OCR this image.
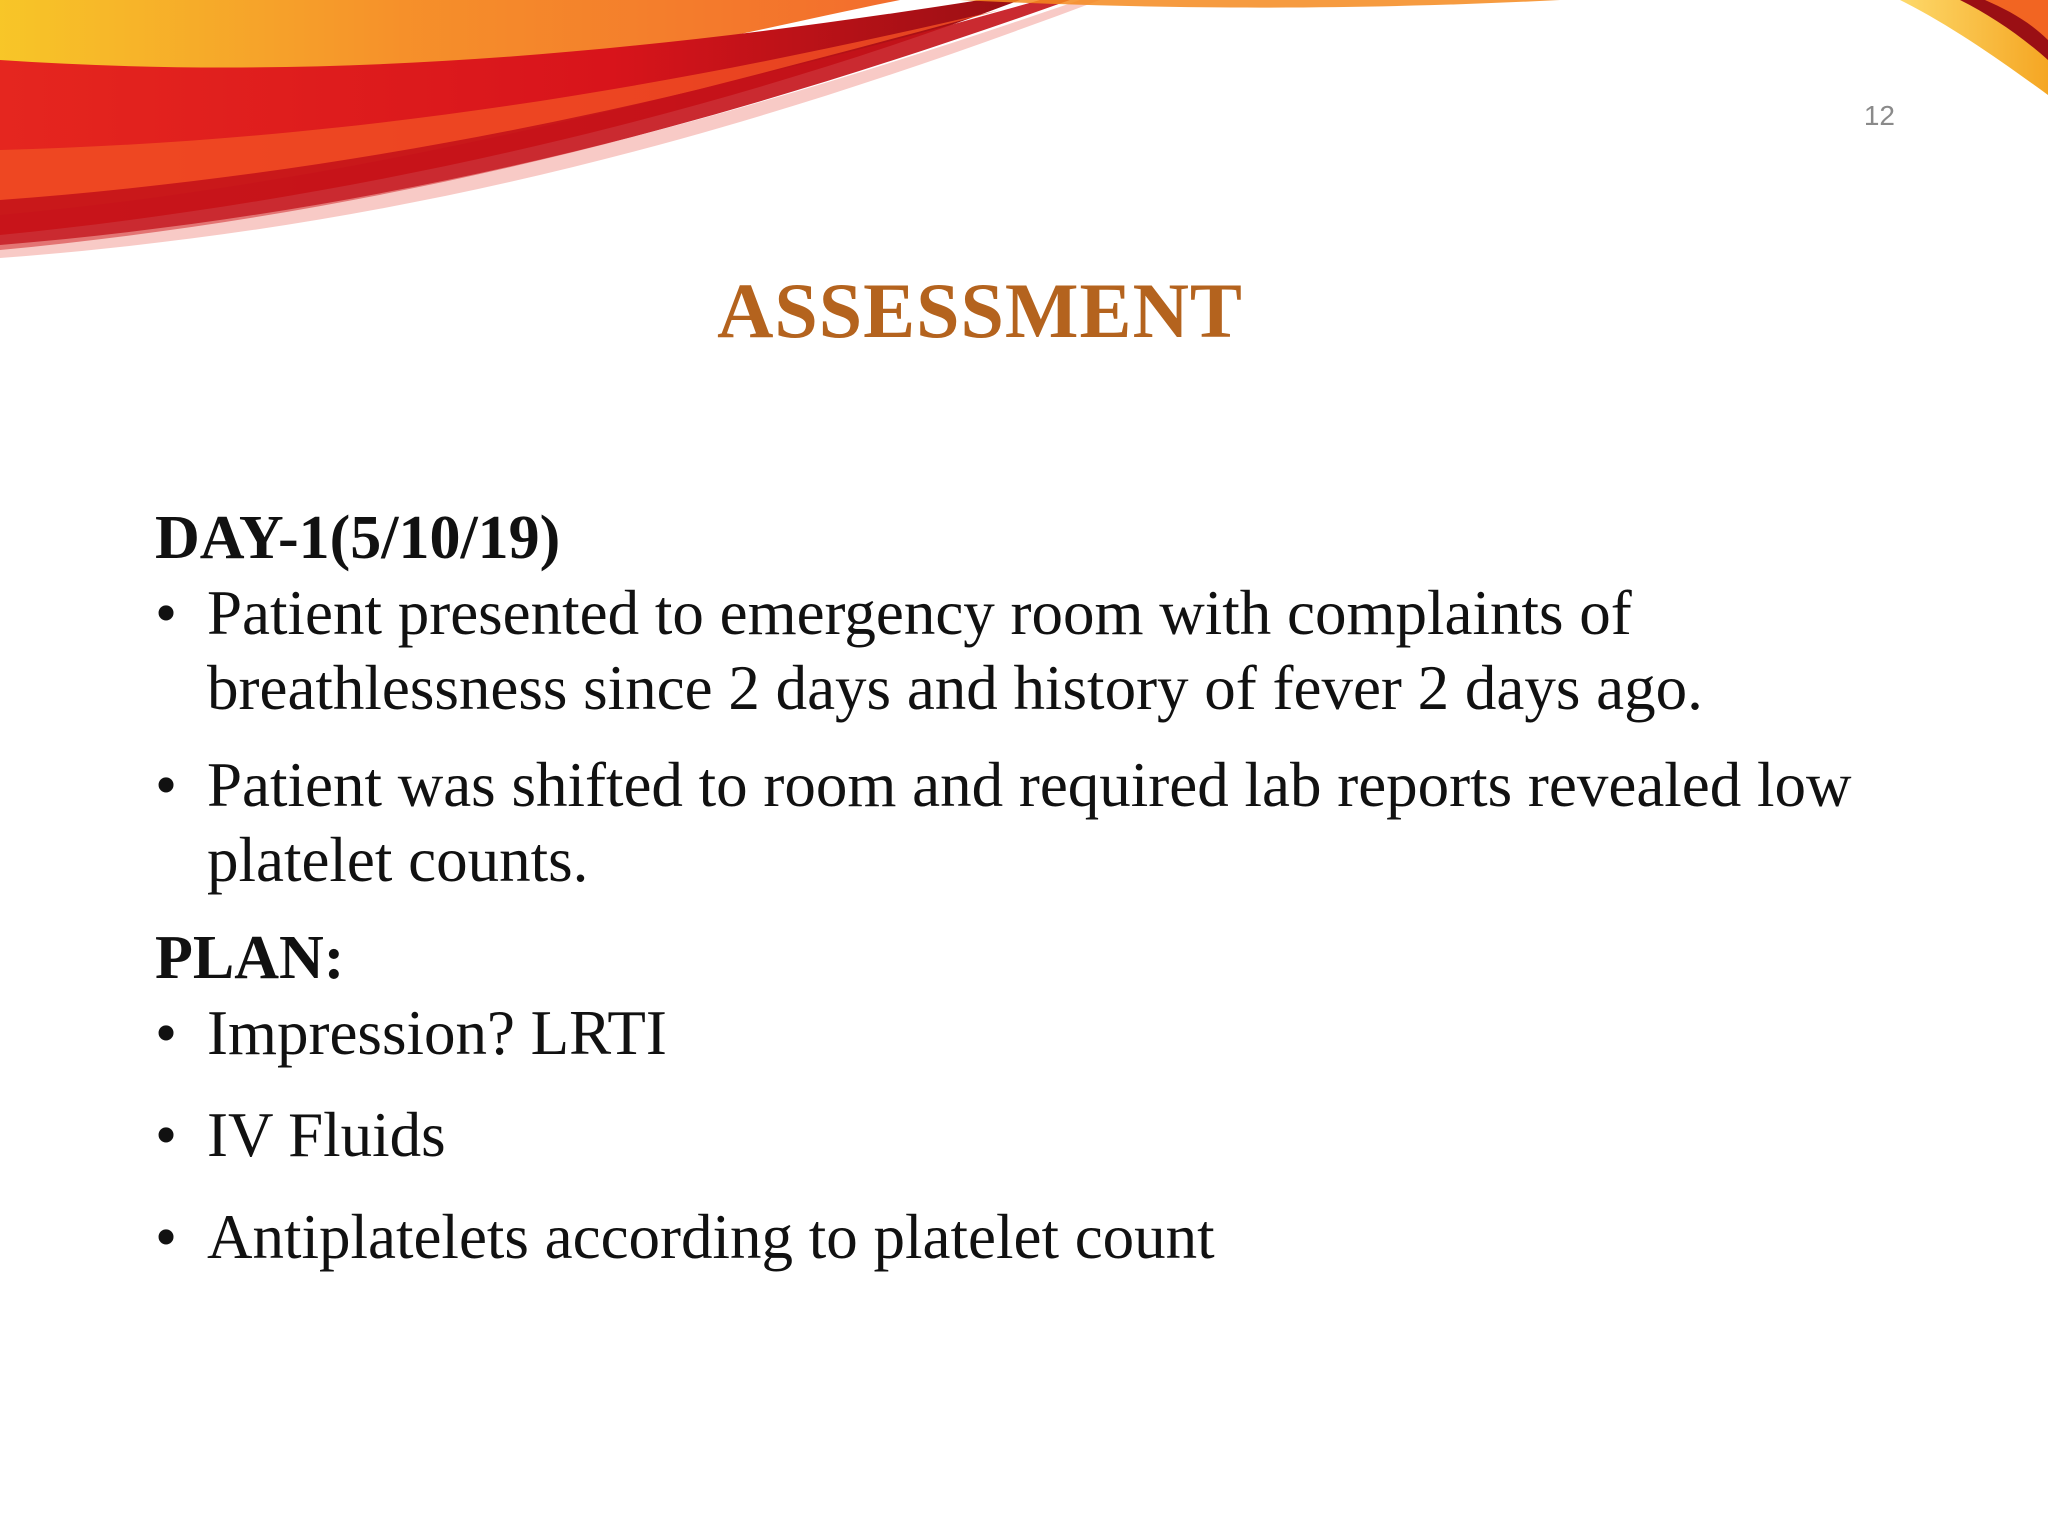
12
ASSESSMENT
DAY-1(5/10/19)
• Patient presented to emergency room with complaints of breathlessness since 2 days and history of fever 2 days ago.
• Patient was shifted to room and required lab reports revealed low platelet counts.
PLAN:
• Impression? LRTI
• IV Fluids
• Antiplatelets according to platelet count
